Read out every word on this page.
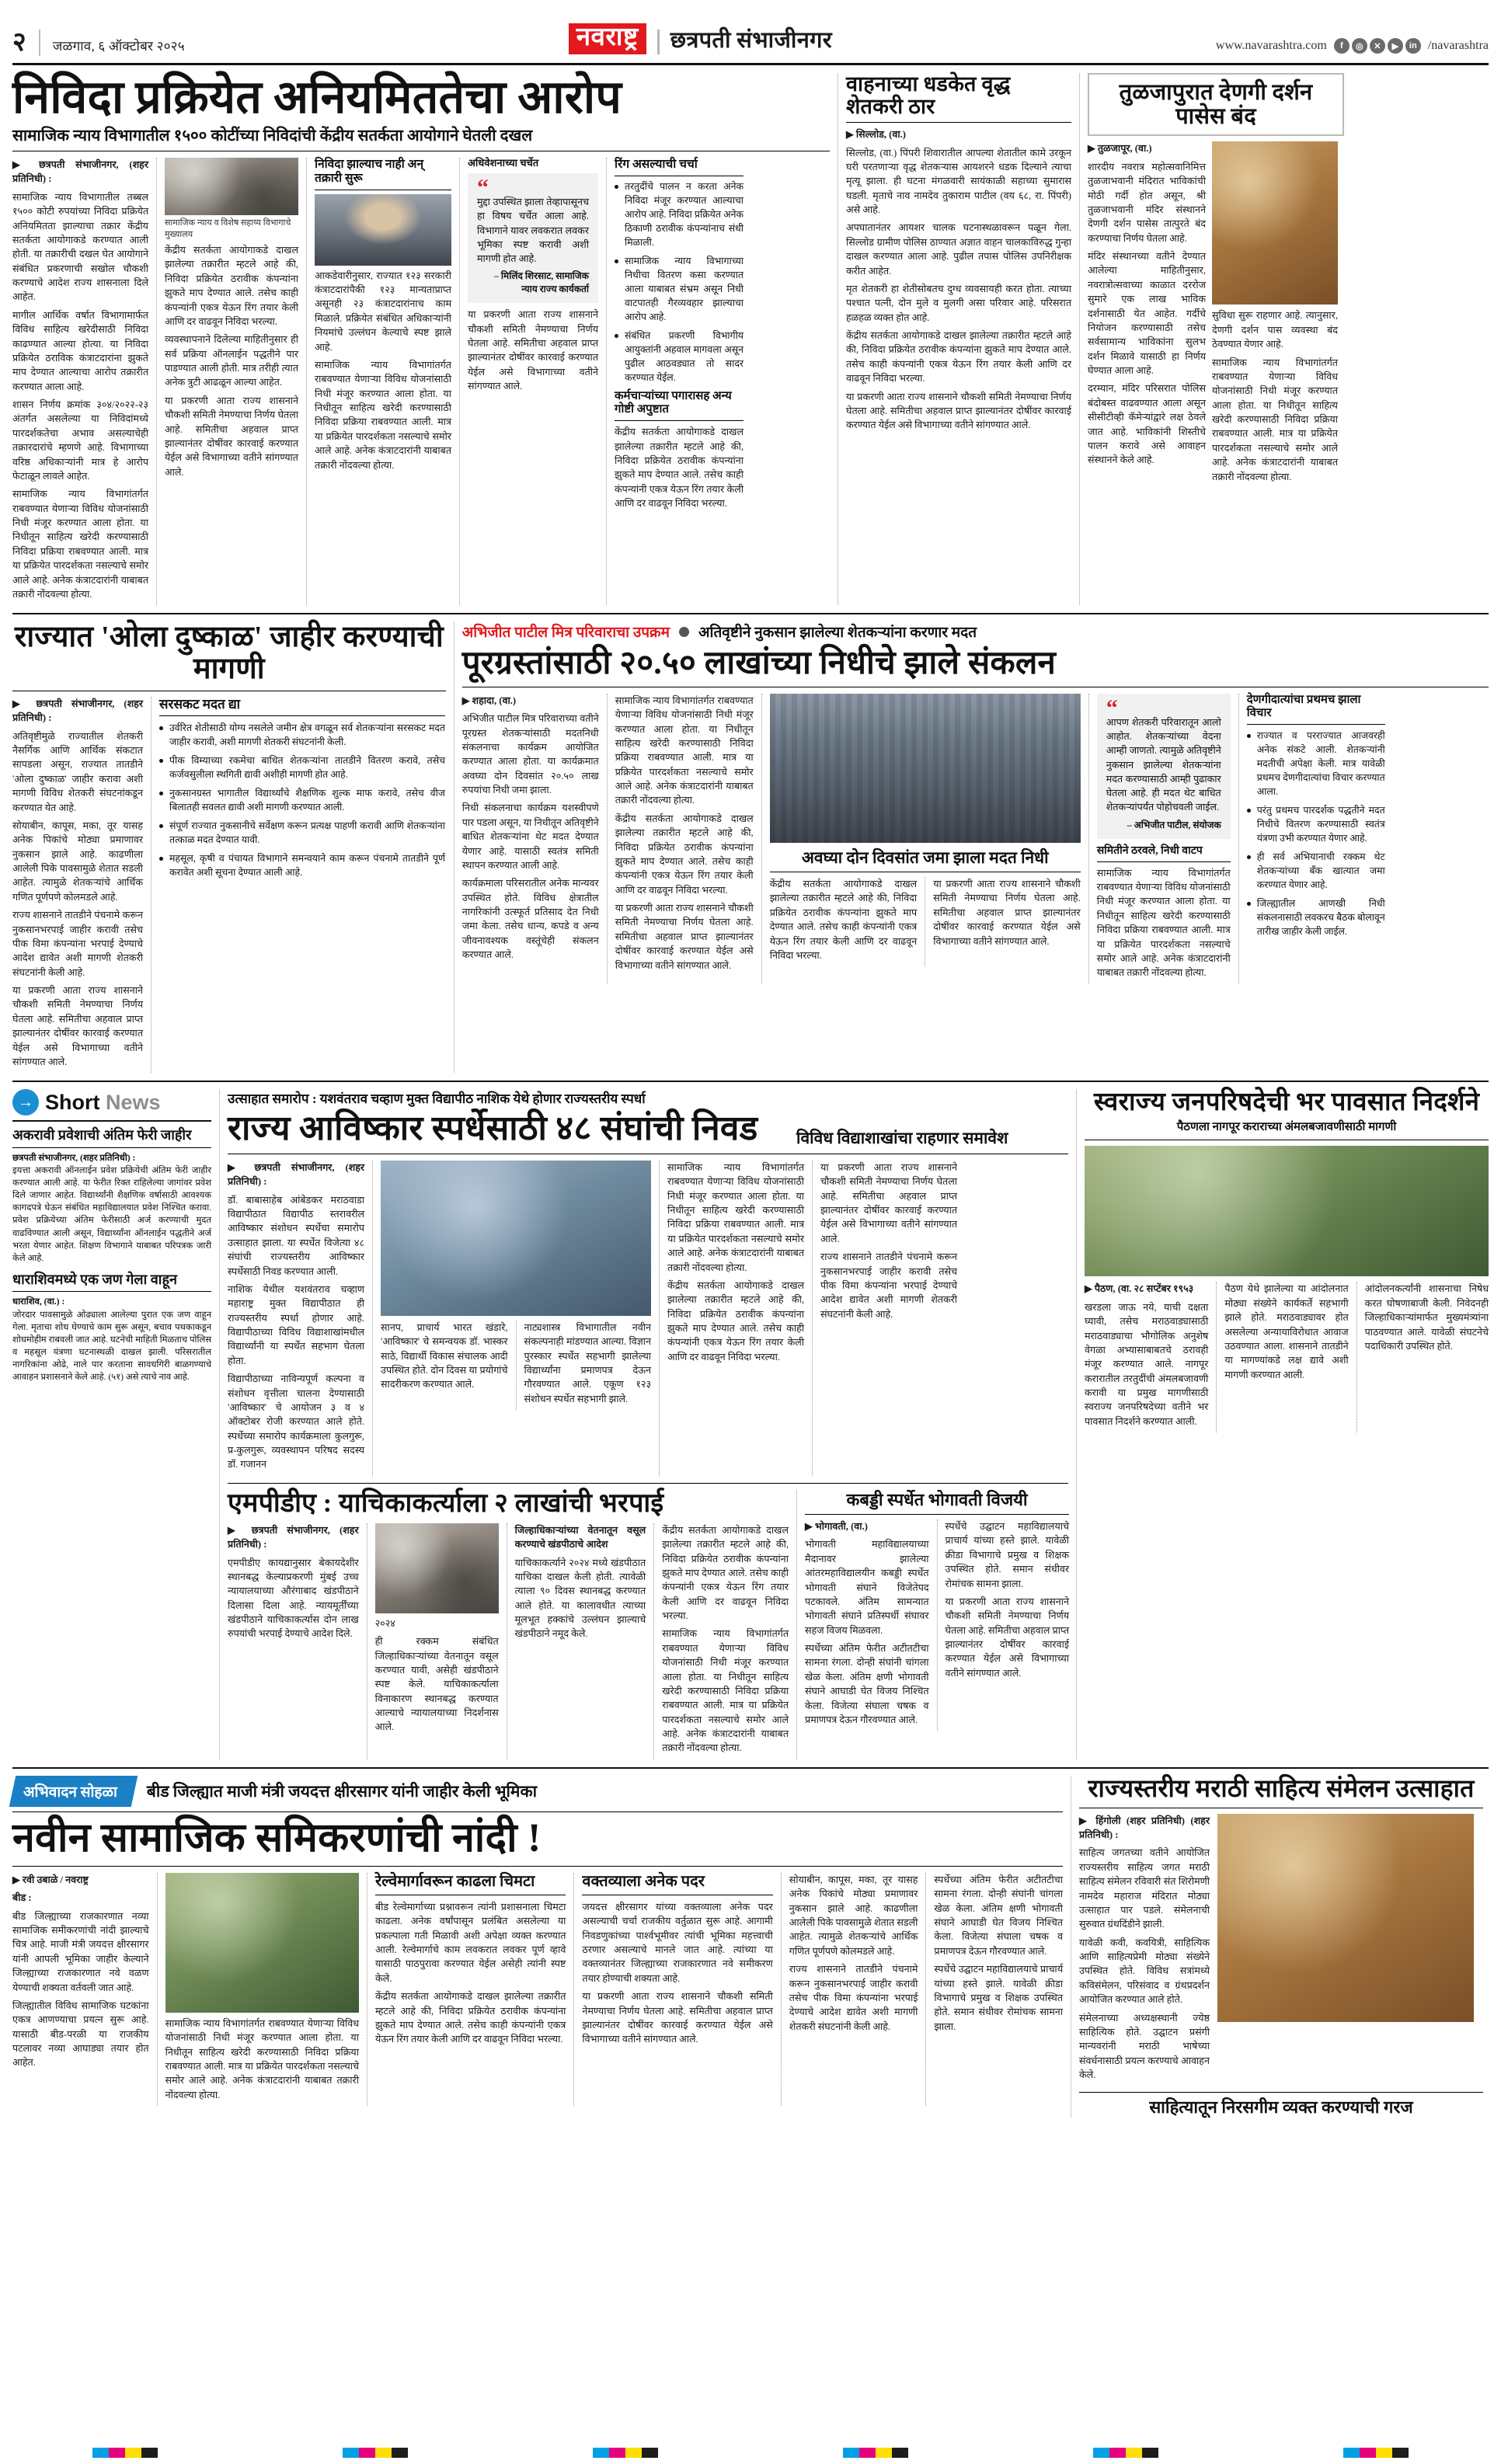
२ जळगाव, ६ ऑक्टोबर २०२५	नवराष्ट्र	छत्रपती संभाजीनगर	www.navarashtra.com	f	◎	✕	▶	in /navarashtra
निविदा प्रक्रियेत अनियमिततेचा आरोप
सामाजिक न्याय विभागातील १५०० कोटींच्या निविदांची केंद्रीय सतर्कता आयोगाने घेतली दखल

▶ छत्रपती संभाजीनगर, (शहर प्रतिनिधी) :

सामाजिक न्याय विभागातील तब्बल १५०० कोटी रुपयांच्या निविदा प्रक्रियेत अनियमितता झाल्याचा तक्रार केंद्रीय सतर्कता आयोगाकडे करण्यात आली होती. या तक्रारीची दखल घेत आयोगाने संबंधित प्रकरणाची सखोल चौकशी करण्याचे आदेश राज्य शासनाला दिले आहेत.

मागील आर्थिक वर्षात विभागामार्फत विविध साहित्य खरेदीसाठी निविदा काढण्यात आल्या होत्या. या निविदा प्रक्रियेत ठराविक कंत्राटदारांना झुकते माप देण्यात आल्याचा आरोप तक्रारीत करण्यात आला आहे.

शासन निर्णय क्रमांक ३०४/२०२२-२३ अंतर्गत असलेल्या या निविदांमध्ये पारदर्शकतेचा अभाव असल्याचेही तक्रारदारांचे म्हणणे आहे. विभागाच्या वरिष्ठ अधिकाऱ्यांनी मात्र हे आरोप फेटाळून लावले आहेत.

सामाजिक न्याय विभागांतर्गत राबवण्यात येणाऱ्या विविध योजनांसाठी निधी मंजूर करण्यात आला होता. या निधीतून साहित्य खरेदी करण्यासाठी निविदा प्रक्रिया राबवण्यात आली. मात्र या प्रक्रियेत पारदर्शकता नसल्याचे समोर आले आहे. अनेक कंत्राटदारांनी याबाबत तक्रारी नोंदवल्या होत्या.

सामाजिक न्याय व विशेष सहाय्य विभागाचे मुख्यालय

केंद्रीय सतर्कता आयोगाकडे दाखल झालेल्या तक्रारीत म्हटले आहे की, निविदा प्रक्रियेत ठरावीक कंपन्यांना झुकते माप देण्यात आले. तसेच काही कंपन्यांनी एकत्र येऊन रिंग तयार केली आणि दर वाढवून निविदा भरल्या.

व्यवस्थापनाने दिलेल्या माहितीनुसार ही सर्व प्रक्रिया ऑनलाईन पद्धतीने पार पाडण्यात आली होती. मात्र तरीही त्यात अनेक त्रुटी आढळून आल्या आहेत.

या प्रकरणी आता राज्य शासनाने चौकशी समिती नेमण्याचा निर्णय घेतला आहे. समितीचा अहवाल प्राप्त झाल्यानंतर दोषींवर कारवाई करण्यात येईल असे विभागाच्या वतीने सांगण्यात आले.

निविदा झाल्याच नाही अन् तक्रारी सुरू

आकडेवारीनुसार, राज्यात १२३ सरकारी कंत्राटदारांपैकी १२३ मान्यताप्राप्त असूनही २३ कंत्राटदारांनाच काम मिळाले. प्रक्रियेत संबंधित अधिकाऱ्यांनी नियमांचे उल्लंघन केल्याचे स्पष्ट झाले आहे.

सामाजिक न्याय विभागांतर्गत राबवण्यात येणाऱ्या विविध योजनांसाठी निधी मंजूर करण्यात आला होता. या निधीतून साहित्य खरेदी करण्यासाठी निविदा प्रक्रिया राबवण्यात आली. मात्र या प्रक्रियेत पारदर्शकता नसल्याचे समोर आले आहे. अनेक कंत्राटदारांनी याबाबत तक्रारी नोंदवल्या होत्या.

अधिवेशनाच्या चर्चेत
“
मुद्दा उपस्थित झाला तेव्हापासूनच हा विषय चर्चेत आला आहे. विभागाने यावर लवकरात लवकर भूमिका स्पष्ट करावी अशी मागणी होत आहे.
– मिलिंद शिरसाट, सामाजिक न्याय राज्य कार्यकर्ता

या प्रकरणी आता राज्य शासनाने चौकशी समिती नेमण्याचा निर्णय घेतला आहे. समितीचा अहवाल प्राप्त झाल्यानंतर दोषींवर कारवाई करण्यात येईल असे विभागाच्या वतीने सांगण्यात आले.

रिंग असल्याची चर्चा
तरतुदींचे पालन न करता अनेक निविदा मंजूर करण्यात आल्याचा आरोप आहे. निविदा प्रक्रियेत अनेक ठिकाणी ठरावीक कंपन्यांनाच संधी मिळाली.
सामाजिक न्याय विभागाच्या निधीचा वितरण कसा करण्यात आला याबाबत संभ्रम असून निधी वाटपातही गैरव्यवहार झाल्याचा आरोप आहे.
संबंधित प्रकरणी विभागीय आयुक्तांनी अहवाल मागवला असून पुढील आठवड्यात तो सादर करण्यात येईल.
कर्मचाऱ्यांच्या पगारासह अन्य गोष्टी अपुष्टात

केंद्रीय सतर्कता आयोगाकडे दाखल झालेल्या तक्रारीत म्हटले आहे की, निविदा प्रक्रियेत ठरावीक कंपन्यांना झुकते माप देण्यात आले. तसेच काही कंपन्यांनी एकत्र येऊन रिंग तयार केली आणि दर वाढवून निविदा भरल्या.

वाहनाच्या धडकेत वृद्ध शेतकरी ठार

▶ सिल्लोड, (वा.)

सिल्लोड, (वा.) पिंपरी शिवारातील आपल्या शेतातील कामे उरकून घरी परतणाऱ्या वृद्ध शेतकऱ्यास आयशरने धडक दिल्याने त्याचा मृत्यू झाला. ही घटना मंगळवारी सायंकाळी सहाच्या सुमारास घडली. मृताचे नाव नामदेव तुकाराम पाटील (वय ६८, रा. पिंपरी) असे आहे.

अपघातानंतर आयशर चालक घटनास्थळावरून पळून गेला. सिल्लोड ग्रामीण पोलिस ठाण्यात अज्ञात वाहन चालकाविरुद्ध गुन्हा दाखल करण्यात आला आहे. पुढील तपास पोलिस उपनिरीक्षक करीत आहेत.

मृत शेतकरी हा शेतीसोबतच दुग्ध व्यवसायही करत होता. त्याच्या पश्चात पत्नी, दोन मुले व मुलगी असा परिवार आहे. परिसरात हळहळ व्यक्त होत आहे.

केंद्रीय सतर्कता आयोगाकडे दाखल झालेल्या तक्रारीत म्हटले आहे की, निविदा प्रक्रियेत ठरावीक कंपन्यांना झुकते माप देण्यात आले. तसेच काही कंपन्यांनी एकत्र येऊन रिंग तयार केली आणि दर वाढवून निविदा भरल्या.

या प्रकरणी आता राज्य शासनाने चौकशी समिती नेमण्याचा निर्णय घेतला आहे. समितीचा अहवाल प्राप्त झाल्यानंतर दोषींवर कारवाई करण्यात येईल असे विभागाच्या वतीने सांगण्यात आले.

तुळजापुरात देणगी दर्शन पासेस बंद

▶ तुळजापूर, (वा.)

शारदीय नवरात्र महोत्सवानिमित्त तुळजाभवानी मंदिरात भाविकांची मोठी गर्दी होत असून, श्री तुळजाभवानी मंदिर संस्थानने देणगी दर्शन पासेस तात्पुरते बंद करण्याचा निर्णय घेतला आहे.

मंदिर संस्थानच्या वतीने देण्यात आलेल्या माहितीनुसार, नवरात्रोत्सवाच्या काळात दररोज सुमारे एक लाख भाविक दर्शनासाठी येत आहेत. गर्दीचे नियोजन करण्यासाठी तसेच सर्वसामान्य भाविकांना सुलभ दर्शन मिळावे यासाठी हा निर्णय घेण्यात आला आहे.

दरम्यान, मंदिर परिसरात पोलिस बंदोबस्त वाढवण्यात आला असून सीसीटीव्ही कॅमेऱ्यांद्वारे लक्ष ठेवले जात आहे. भाविकांनी शिस्तीचे पालन करावे असे आवाहन संस्थानने केले आहे.

सुविधा सुरू राहणार आहे. त्यानुसार, देणगी दर्शन पास व्यवस्था बंद ठेवण्यात येणार आहे.

सामाजिक न्याय विभागांतर्गत राबवण्यात येणाऱ्या विविध योजनांसाठी निधी मंजूर करण्यात आला होता. या निधीतून साहित्य खरेदी करण्यासाठी निविदा प्रक्रिया राबवण्यात आली. मात्र या प्रक्रियेत पारदर्शकता नसल्याचे समोर आले आहे. अनेक कंत्राटदारांनी याबाबत तक्रारी नोंदवल्या होत्या.

राज्यात 'ओला दुष्काळ' जाहीर करण्याची मागणी

▶ छत्रपती संभाजीनगर, (शहर प्रतिनिधी) :

अतिवृष्टीमुळे राज्यातील शेतकरी नैसर्गिक आणि आर्थिक संकटात सापडला असून, राज्यात तातडीने 'ओला दुष्काळ' जाहीर करावा अशी मागणी विविध शेतकरी संघटनांकडून करण्यात येत आहे.

सोयाबीन, कापूस, मका, तूर यासह अनेक पिकांचे मोठ्या प्रमाणावर नुकसान झाले आहे. काढणीला आलेली पिके पावसामुळे शेतात सडली आहेत. त्यामुळे शेतकऱ्यांचे आर्थिक गणित पूर्णपणे कोलमडले आहे.

राज्य शासनाने तातडीने पंचनामे करून नुकसानभरपाई जाहीर करावी तसेच पीक विमा कंपन्यांना भरपाई देण्याचे आदेश द्यावेत अशी मागणी शेतकरी संघटनांनी केली आहे.

या प्रकरणी आता राज्य शासनाने चौकशी समिती नेमण्याचा निर्णय घेतला आहे. समितीचा अहवाल प्राप्त झाल्यानंतर दोषींवर कारवाई करण्यात येईल असे विभागाच्या वतीने सांगण्यात आले.

सरसकट मदत द्या
उर्वरित शेतीसाठी योग्य नसलेले जमीन क्षेत्र वगळून सर्व शेतकऱ्यांना सरसकट मदत जाहीर करावी, अशी मागणी शेतकरी संघटनांनी केली.
पीक विम्याच्या रकमेचा बाधित शेतकऱ्यांना तातडीने वितरण करावे, तसेच कर्जवसुलीला स्थगिती द्यावी अशीही मागणी होत आहे.
नुकसानग्रस्त भागातील विद्यार्थ्यांचे शैक्षणिक शुल्क माफ करावे, तसेच वीज बिलातही सवलत द्यावी अशी मागणी करण्यात आली.
संपूर्ण राज्यात नुकसानीचे सर्वेक्षण करून प्रत्यक्ष पाहणी करावी आणि शेतकऱ्यांना तत्काळ मदत देण्यात यावी.
महसूल, कृषी व पंचायत विभागाने समन्वयाने काम करून पंचनामे तातडीने पूर्ण करावेत अशी सूचना देण्यात आली आहे.
अभिजीत पाटील मित्र परिवाराचा उपक्रम अतिवृष्टीने नुकसान झालेल्या शेतकऱ्यांना करणार मदत
पूरग्रस्तांसाठी २०.५० लाखांच्या निधीचे झाले संकलन

▶ शहादा, (वा.)

अभिजीत पाटील मित्र परिवाराच्या वतीने पूरग्रस्त शेतकऱ्यांसाठी मदतनिधी संकलनाचा कार्यक्रम आयोजित करण्यात आला होता. या कार्यक्रमात अवघ्या दोन दिवसांत २०.५० लाख रुपयांचा निधी जमा झाला.

निधी संकलनाचा कार्यक्रम यशस्वीपणे पार पडला असून, या निधीतून अतिवृष्टीने बाधित शेतकऱ्यांना थेट मदत देण्यात येणार आहे. यासाठी स्वतंत्र समिती स्थापन करण्यात आली आहे.

कार्यक्रमाला परिसरातील अनेक मान्यवर उपस्थित होते. विविध क्षेत्रातील नागरिकांनी उत्स्फूर्त प्रतिसाद देत निधी जमा केला. तसेच धान्य, कपडे व अन्य जीवनावश्यक वस्तूंचेही संकलन करण्यात आले.

सामाजिक न्याय विभागांतर्गत राबवण्यात येणाऱ्या विविध योजनांसाठी निधी मंजूर करण्यात आला होता. या निधीतून साहित्य खरेदी करण्यासाठी निविदा प्रक्रिया राबवण्यात आली. मात्र या प्रक्रियेत पारदर्शकता नसल्याचे समोर आले आहे. अनेक कंत्राटदारांनी याबाबत तक्रारी नोंदवल्या होत्या.

केंद्रीय सतर्कता आयोगाकडे दाखल झालेल्या तक्रारीत म्हटले आहे की, निविदा प्रक्रियेत ठरावीक कंपन्यांना झुकते माप देण्यात आले. तसेच काही कंपन्यांनी एकत्र येऊन रिंग तयार केली आणि दर वाढवून निविदा भरल्या.

या प्रकरणी आता राज्य शासनाने चौकशी समिती नेमण्याचा निर्णय घेतला आहे. समितीचा अहवाल प्राप्त झाल्यानंतर दोषींवर कारवाई करण्यात येईल असे विभागाच्या वतीने सांगण्यात आले.

अवघ्या दोन दिवसांत जमा झाला मदत निधी

केंद्रीय सतर्कता आयोगाकडे दाखल झालेल्या तक्रारीत म्हटले आहे की, निविदा प्रक्रियेत ठरावीक कंपन्यांना झुकते माप देण्यात आले. तसेच काही कंपन्यांनी एकत्र येऊन रिंग तयार केली आणि दर वाढवून निविदा भरल्या.

या प्रकरणी आता राज्य शासनाने चौकशी समिती नेमण्याचा निर्णय घेतला आहे. समितीचा अहवाल प्राप्त झाल्यानंतर दोषींवर कारवाई करण्यात येईल असे विभागाच्या वतीने सांगण्यात आले.

“
आपण शेतकरी परिवारातून आलो आहोत. शेतकऱ्यांच्या वेदना आम्ही जाणतो. त्यामुळे अतिवृष्टीने नुकसान झालेल्या शेतकऱ्यांना मदत करण्यासाठी आम्ही पुढाकार घेतला आहे. ही मदत थेट बाधित शेतकऱ्यांपर्यंत पोहोचवली जाईल.
– अभिजीत पाटील, संयोजक
समितीने ठरवले, निधी वाटप

सामाजिक न्याय विभागांतर्गत राबवण्यात येणाऱ्या विविध योजनांसाठी निधी मंजूर करण्यात आला होता. या निधीतून साहित्य खरेदी करण्यासाठी निविदा प्रक्रिया राबवण्यात आली. मात्र या प्रक्रियेत पारदर्शकता नसल्याचे समोर आले आहे. अनेक कंत्राटदारांनी याबाबत तक्रारी नोंदवल्या होत्या.

देणगीदात्यांचा प्रथमच झाला विचार
राज्यात व परराज्यात आजवरही अनेक संकटे आली. शेतकऱ्यांनी मदतीची अपेक्षा केली. मात्र यावेळी प्रथमच देणगीदात्यांचा विचार करण्यात आला.
परंतु प्रथमच पारदर्शक पद्धतीने मदत निधीचे वितरण करण्यासाठी स्वतंत्र यंत्रणा उभी करण्यात येणार आहे.
ही सर्व अभियानाची रक्कम थेट शेतकऱ्यांच्या बँक खात्यात जमा करण्यात येणार आहे.
जिल्ह्यातील आणखी निधी संकलनासाठी लवकरच बैठक बोलावून तारीख जाहीर केली जाईल.
→ Short News
अकरावी प्रवेशाची अंतिम फेरी जाहीर

छत्रपती संभाजीनगर, (शहर प्रतिनिधी) :

इयत्ता अकरावी ऑनलाईन प्रवेश प्रक्रियेची अंतिम फेरी जाहीर करण्यात आली आहे. या फेरीत रिक्त राहिलेल्या जागांवर प्रवेश दिले जाणार आहेत. विद्यार्थ्यांनी शैक्षणिक वर्षासाठी आवश्यक कागदपत्रे घेऊन संबंधित महाविद्यालयात प्रवेश निश्चित करावा. प्रवेश प्रक्रियेच्या अंतिम फेरीसाठी अर्ज करण्याची मुदत वाढविण्यात आली असून, विद्यार्थ्यांना ऑनलाईन पद्धतीने अर्ज भरता येणार आहेत. शिक्षण विभागाने याबाबत परिपत्रक जारी केले आहे.

धाराशिवमध्ये एक जण गेला वाहून

धाराशिव, (वा.) :

जोरदार पावसामुळे ओढ्याला आलेल्या पुरात एक जण वाहून गेला. मृताचा शोध घेण्याचे काम सुरू असून, बचाव पथकाकडून शोधमोहीम राबवली जात आहे. घटनेची माहिती मिळताच पोलिस व महसूल यंत्रणा घटनास्थळी दाखल झाली. परिसरातील नागरिकांना ओढे, नाले पार करताना सावधगिरी बाळगण्याचे आवाहन प्रशासनाने केले आहे. (५१) असे त्याचे नाव आहे.

उत्साहात समारोप : यशवंतराव चव्हाण मुक्त विद्यापीठ नाशिक येथे होणार राज्यस्तरीय स्पर्धा
राज्य आविष्कार स्पर्धेसाठी ४८ संघांची निवड	विविध विद्याशाखांचा राहणार समावेश

▶ छत्रपती संभाजीनगर, (शहर प्रतिनिधी) :

डॉ. बाबासाहेब आंबेडकर मराठवाडा विद्यापीठात विद्यापीठ स्तरावरील आविष्कार संशोधन स्पर्धेचा समारोप उत्साहात झाला. या स्पर्धेत विजेत्या ४८ संघांची राज्यस्तरीय आविष्कार स्पर्धेसाठी निवड करण्यात आली.

नाशिक येथील यशवंतराव चव्हाण महाराष्ट्र मुक्त विद्यापीठात ही राज्यस्तरीय स्पर्धा होणार आहे. विद्यापीठाच्या विविध विद्याशाखांमधील विद्यार्थ्यांनी या स्पर्धेत सहभाग घेतला होता.

विद्यापीठाच्या नाविन्यपूर्ण कल्पना व संशोधन वृत्तीला चालना देण्यासाठी 'आविष्कार' चे आयोजन ३ व ४ ऑक्टोबर रोजी करण्यात आले होते. स्पर्धेच्या समारोप कार्यक्रमाला कुलगुरू, प्र-कुलगुरू, व्यवस्थापन परिषद सदस्य डॉ. गजानन

सानप, प्राचार्य भारत खंडारे, 'आविष्कार' चे समन्वयक डॉ. भास्कर साठे, विद्यार्थी विकास संचालक आदी उपस्थित होते. दोन दिवस या प्रयोगांचे सादरीकरण करण्यात आले.

नाट्यशास्त्र विभागातील नवीन संकल्पनाही मांडण्यात आल्या. विज्ञान पुरस्कार स्पर्धेत सहभागी झालेल्या विद्यार्थ्यांना प्रमाणपत्र देऊन गौरवण्यात आले. एकूण १२३ संशोधन स्पर्धेत सहभागी झाले.

सामाजिक न्याय विभागांतर्गत राबवण्यात येणाऱ्या विविध योजनांसाठी निधी मंजूर करण्यात आला होता. या निधीतून साहित्य खरेदी करण्यासाठी निविदा प्रक्रिया राबवण्यात आली. मात्र या प्रक्रियेत पारदर्शकता नसल्याचे समोर आले आहे. अनेक कंत्राटदारांनी याबाबत तक्रारी नोंदवल्या होत्या.

केंद्रीय सतर्कता आयोगाकडे दाखल झालेल्या तक्रारीत म्हटले आहे की, निविदा प्रक्रियेत ठरावीक कंपन्यांना झुकते माप देण्यात आले. तसेच काही कंपन्यांनी एकत्र येऊन रिंग तयार केली आणि दर वाढवून निविदा भरल्या.

या प्रकरणी आता राज्य शासनाने चौकशी समिती नेमण्याचा निर्णय घेतला आहे. समितीचा अहवाल प्राप्त झाल्यानंतर दोषींवर कारवाई करण्यात येईल असे विभागाच्या वतीने सांगण्यात आले.

राज्य शासनाने तातडीने पंचनामे करून नुकसानभरपाई जाहीर करावी तसेच पीक विमा कंपन्यांना भरपाई देण्याचे आदेश द्यावेत अशी मागणी शेतकरी संघटनांनी केली आहे.

एमपीडीए : याचिकाकर्त्याला २ लाखांची भरपाई

▶ छत्रपती संभाजीनगर, (शहर प्रतिनिधी) :

एमपीडीए कायद्यानुसार बेकायदेशीर स्थानबद्ध केल्याप्रकरणी मुंबई उच्च न्यायालयाच्या औरंगाबाद खंडपीठाने दिलासा दिला आहे. न्यायमूर्तींच्या खंडपीठाने याचिकाकर्त्यास दोन लाख रुपयांची भरपाई देण्याचे आदेश दिले.

२०२४

ही रक्कम संबंधित जिल्हाधिकाऱ्यांच्या वेतनातून वसूल करण्यात यावी, असेही खंडपीठाने स्पष्ट केले. याचिकाकर्त्याला विनाकारण स्थानबद्ध करण्यात आल्याचे न्यायालयाच्या निदर्शनास आले.

जिल्हाधिकाऱ्यांच्या वेतनातून वसूल करण्याचे खंडपीठाचे आदेश

याचिकाकर्त्याने २०२४ मध्ये खंडपीठात याचिका दाखल केली होती. त्यावेळी त्याला ९० दिवस स्थानबद्ध करण्यात आले होते. या कालावधीत त्याच्या मूलभूत हक्कांचे उल्लंघन झाल्याचे खंडपीठाने नमूद केले.

केंद्रीय सतर्कता आयोगाकडे दाखल झालेल्या तक्रारीत म्हटले आहे की, निविदा प्रक्रियेत ठरावीक कंपन्यांना झुकते माप देण्यात आले. तसेच काही कंपन्यांनी एकत्र येऊन रिंग तयार केली आणि दर वाढवून निविदा भरल्या.

सामाजिक न्याय विभागांतर्गत राबवण्यात येणाऱ्या विविध योजनांसाठी निधी मंजूर करण्यात आला होता. या निधीतून साहित्य खरेदी करण्यासाठी निविदा प्रक्रिया राबवण्यात आली. मात्र या प्रक्रियेत पारदर्शकता नसल्याचे समोर आले आहे. अनेक कंत्राटदारांनी याबाबत तक्रारी नोंदवल्या होत्या.

कबड्डी स्पर्धेत भोगावती विजयी

▶ भोगावती, (वा.)

भोगावती महाविद्यालयाच्या मैदानावर झालेल्या आंतरमहाविद्यालयीन कबड्डी स्पर्धेत भोगावती संघाने विजेतेपद पटकावले. अंतिम सामन्यात भोगावती संघाने प्रतिस्पर्धी संघावर सहज विजय मिळवला.

स्पर्धेच्या अंतिम फेरीत अटीतटीचा सामना रंगला. दोन्ही संघांनी चांगला खेळ केला. अंतिम क्षणी भोगावती संघाने आघाडी घेत विजय निश्चित केला. विजेत्या संघाला चषक व प्रमाणपत्र देऊन गौरवण्यात आले.

स्पर्धेचे उद्घाटन महाविद्यालयाचे प्राचार्य यांच्या हस्ते झाले. यावेळी क्रीडा विभागाचे प्रमुख व शिक्षक उपस्थित होते. समान संधीवर रोमांचक सामना झाला.

या प्रकरणी आता राज्य शासनाने चौकशी समिती नेमण्याचा निर्णय घेतला आहे. समितीचा अहवाल प्राप्त झाल्यानंतर दोषींवर कारवाई करण्यात येईल असे विभागाच्या वतीने सांगण्यात आले.

स्वराज्य जनपरिषदेची भर पावसात निदर्शने
पैठणला नागपूर कराराच्या अंमलबजावणीसाठी मागणी

▶ पैठण, (वा. २८ सप्टेंबर १९५३

खरडला जाऊ नये, याची दक्षता घ्यावी, तसेच मराठवाड्यासाठी मराठवाड्याचा भौगोलिक अनुशेष वेगळा अभ्यासाबाबतचे ठरावही मंजूर करण्यात आले. नागपूर करारातील तरतुदींची अंमलबजावणी करावी या प्रमुख मागणीसाठी स्वराज्य जनपरिषदेच्या वतीने भर पावसात निदर्शने करण्यात आली.

पैठण येथे झालेल्या या आंदोलनात मोठ्या संख्येने कार्यकर्ते सहभागी झाले होते. मराठवाड्यावर होत असलेल्या अन्यायाविरोधात आवाज उठवण्यात आला. शासनाने तातडीने या मागण्यांकडे लक्ष द्यावे अशी मागणी करण्यात आली.

आंदोलनकर्त्यांनी शासनाचा निषेध करत घोषणाबाजी केली. निवेदनही जिल्हाधिकाऱ्यांमार्फत मुख्यमंत्र्यांना पाठवण्यात आले. यावेळी संघटनेचे पदाधिकारी उपस्थित होते.

अभिवादन सोहळा	बीड जिल्ह्यात माजी मंत्री जयदत्त क्षीरसागर यांनी जाहीर केली भूमिका
नवीन सामाजिक समिकरणांची नांदी !

▶ रवी उबाळे / नवराष्ट्र

बीड :

बीड जिल्ह्याच्या राजकारणात नव्या सामाजिक समीकरणांची नांदी झाल्याचे चित्र आहे. माजी मंत्री जयदत्त क्षीरसागर यांनी आपली भूमिका जाहीर केल्याने जिल्ह्याच्या राजकारणात नवे वळण येण्याची शक्यता वर्तवली जात आहे.

जिल्ह्यातील विविध सामाजिक घटकांना एकत्र आणण्याचा प्रयत्न सुरू आहे. यासाठी बीड-परळी या राजकीय पटलावर नव्या आघाड्या तयार होत आहेत.

सामाजिक न्याय विभागांतर्गत राबवण्यात येणाऱ्या विविध योजनांसाठी निधी मंजूर करण्यात आला होता. या निधीतून साहित्य खरेदी करण्यासाठी निविदा प्रक्रिया राबवण्यात आली. मात्र या प्रक्रियेत पारदर्शकता नसल्याचे समोर आले आहे. अनेक कंत्राटदारांनी याबाबत तक्रारी नोंदवल्या होत्या.

रेल्वेमार्गावरून काढला चिमटा

बीड रेल्वेमार्गाच्या प्रश्नावरून त्यांनी प्रशासनाला चिमटा काढला. अनेक वर्षांपासून प्रलंबित असलेल्या या प्रकल्पाला गती मिळावी अशी अपेक्षा व्यक्त करण्यात आली. रेल्वेमार्गाचे काम लवकरात लवकर पूर्ण व्हावे यासाठी पाठपुरावा करण्यात येईल असेही त्यांनी स्पष्ट केले.

केंद्रीय सतर्कता आयोगाकडे दाखल झालेल्या तक्रारीत म्हटले आहे की, निविदा प्रक्रियेत ठरावीक कंपन्यांना झुकते माप देण्यात आले. तसेच काही कंपन्यांनी एकत्र येऊन रिंग तयार केली आणि दर वाढवून निविदा भरल्या.

वक्तव्याला अनेक पदर

जयदत्त क्षीरसागर यांच्या वक्तव्याला अनेक पदर असल्याची चर्चा राजकीय वर्तुळात सुरू आहे. आगामी निवडणुकांच्या पार्श्वभूमीवर त्यांची भूमिका महत्त्वाची ठरणार असल्याचे मानले जात आहे. त्यांच्या या वक्तव्यानंतर जिल्ह्याच्या राजकारणात नवे समीकरण तयार होण्याची शक्यता आहे.

या प्रकरणी आता राज्य शासनाने चौकशी समिती नेमण्याचा निर्णय घेतला आहे. समितीचा अहवाल प्राप्त झाल्यानंतर दोषींवर कारवाई करण्यात येईल असे विभागाच्या वतीने सांगण्यात आले.

सोयाबीन, कापूस, मका, तूर यासह अनेक पिकांचे मोठ्या प्रमाणावर नुकसान झाले आहे. काढणीला आलेली पिके पावसामुळे शेतात सडली आहेत. त्यामुळे शेतकऱ्यांचे आर्थिक गणित पूर्णपणे कोलमडले आहे.

राज्य शासनाने तातडीने पंचनामे करून नुकसानभरपाई जाहीर करावी तसेच पीक विमा कंपन्यांना भरपाई देण्याचे आदेश द्यावेत अशी मागणी शेतकरी संघटनांनी केली आहे.

स्पर्धेच्या अंतिम फेरीत अटीतटीचा सामना रंगला. दोन्ही संघांनी चांगला खेळ केला. अंतिम क्षणी भोगावती संघाने आघाडी घेत विजय निश्चित केला. विजेत्या संघाला चषक व प्रमाणपत्र देऊन गौरवण्यात आले.

स्पर्धेचे उद्घाटन महाविद्यालयाचे प्राचार्य यांच्या हस्ते झाले. यावेळी क्रीडा विभागाचे प्रमुख व शिक्षक उपस्थित होते. समान संधीवर रोमांचक सामना झाला.

राज्यस्तरीय मराठी साहित्य संमेलन उत्साहात

▶ हिंगोली (शहर प्रतिनिधी) (शहर प्रतिनिधी) :

साहित्य जगतच्या वतीने आयोजित राज्यस्तरीय साहित्य जगत मराठी साहित्य संमेलन रविवारी संत शिरोमणी नामदेव महाराज मंदिरात मोठ्या उत्साहात पार पडले. संमेलनाची सुरुवात ग्रंथदिंडीने झाली.

यावेळी कवी, कवयित्री, साहित्यिक आणि साहित्यप्रेमी मोठ्या संख्येने उपस्थित होते. विविध सत्रांमध्ये कविसंमेलन, परिसंवाद व ग्रंथप्रदर्शन आयोजित करण्यात आले होते.

संमेलनाच्या अध्यक्षस्थानी ज्येष्ठ साहित्यिक होते. उद्घाटन प्रसंगी मान्यवरांनी मराठी भाषेच्या संवर्धनासाठी प्रयत्न करण्याचे आवाहन केले.

साहित्यातून निरसगीम व्यक्त करण्याची गरज
